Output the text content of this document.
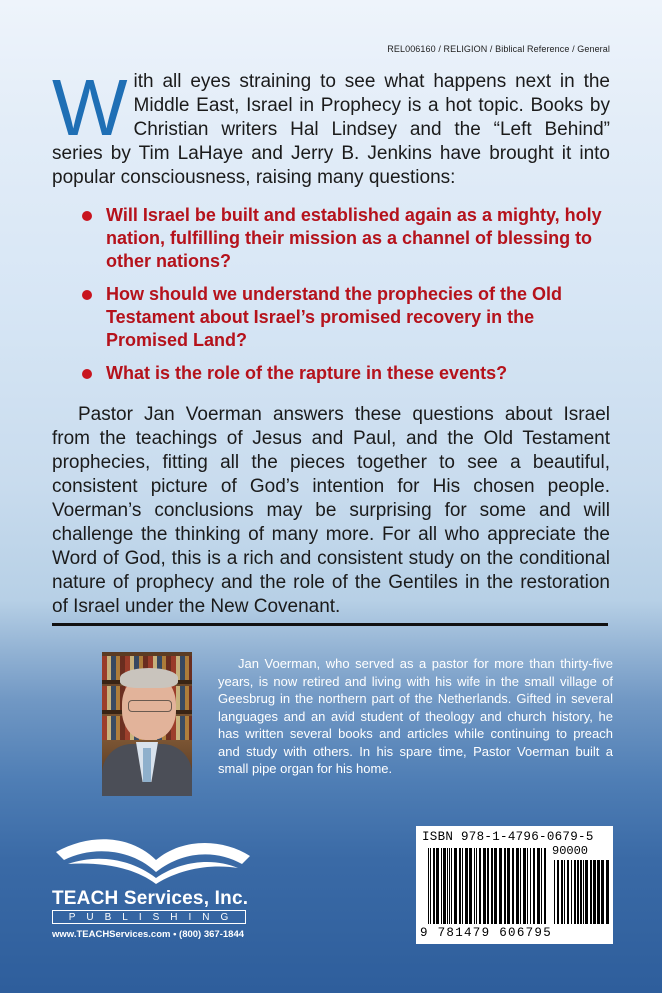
REL006160 / RELIGION / Biblical Reference / General

With all eyes straining to see what happens next in the Middle East, Israel in Prophecy is a hot topic. Books by Christian writers Hal Lindsey and the “Left Behind” series by Tim LaHaye and Jerry B. Jenkins have brought it into popular consciousness, raising many questions:

Will Israel be built and established again as a mighty, holy nation, fulfilling their mission as a channel of blessing to other nations?
How should we understand the prophecies of the Old Testament about Israel’s promised recovery in the Promised Land?
What is the role of the rapture in these events?

Pastor Jan Voerman answers these questions about Israel from the teachings of Jesus and Paul, and the Old Testament prophecies, fitting all the pieces together to see a beautiful, consistent picture of God’s intention for His chosen people. Voerman’s conclusions may be surprising for some and will challenge the thinking of many more. For all who appreciate the Word of God, this is a rich and consistent study on the conditional nature of prophecy and the role of the Gentiles in the restoration of Israel under the New Covenant.

Jan Voerman, who served as a pastor for more than thirty-five years, is now retired and living with his wife in the small village of Geesbrug in the northern part of the Netherlands. Gifted in several languages and an avid student of theology and church history, he has written several books and articles while continuing to preach and study with others. In his spare time, Pastor Voerman built a small pipe organ for his home.

TEACH Services, Inc.
PUBLISHING
www.TEACHServices.com • (800) 367-1844
ISBN 978-1-4796-0679-5
90000
9 781479 606795
